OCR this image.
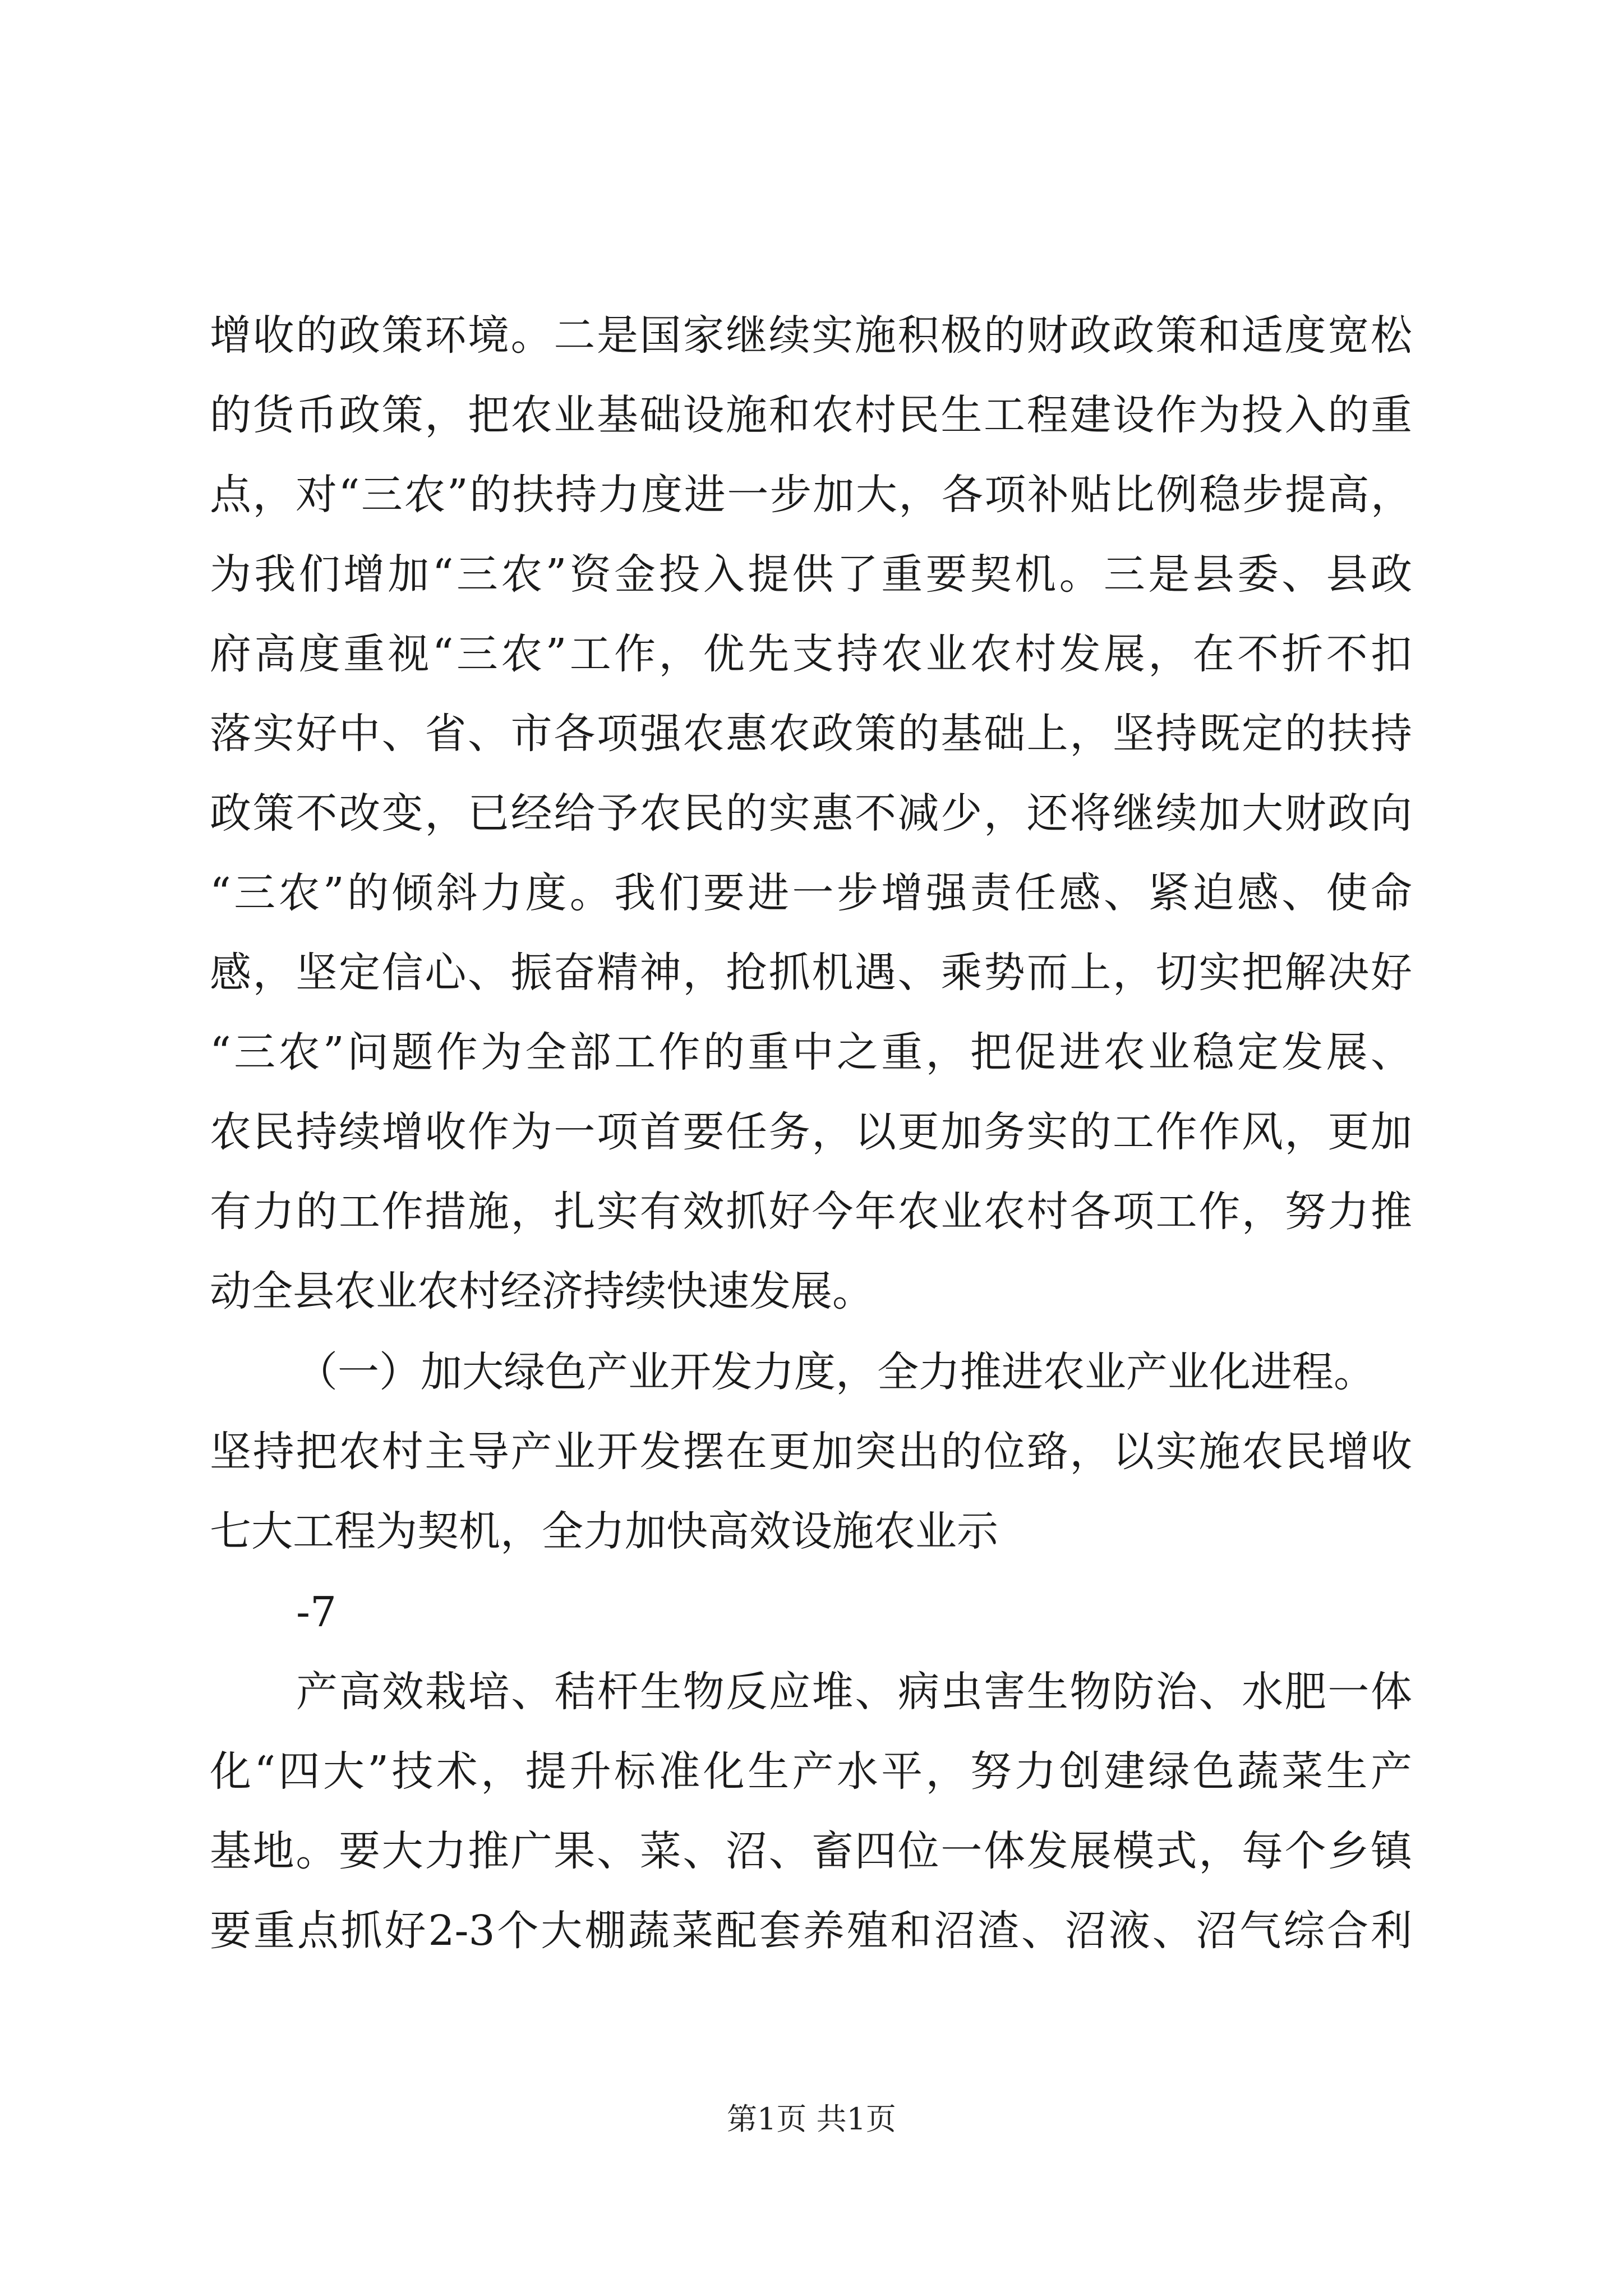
增收的政策环境。二是国家继续实施积极的财政政策和适度宽松
的货币政策，把农业基础设施和农村民生工程建设作为投入的重
点，对“三农”的扶持力度进一步加大，各项补贴比例稳步提高，
为我们增加“三农”资金投入提供了重要契机。三是县委、县政
府高度重视“三农”工作，优先支持农业农村发展，在不折不扣
落实好中、省、市各项强农惠农政策的基础上，坚持既定的扶持
政策不改变，已经给予农民的实惠不减少，还将继续加大财政向
“三农”的倾斜力度。我们要进一步增强责任感、紧迫感、使命
感，坚定信心、振奋精神，抢抓机遇、乘势而上，切实把解决好
“三农”问题作为全部工作的重中之重，把促进农业稳定发展、
农民持续增收作为一项首要任务，以更加务实的工作作风，更加
有力的工作措施，扎实有效抓好今年农业农村各项工作，努力推
动全县农业农村经济持续快速发展。
（一）加大绿色产业开发力度，全力推进农业产业化进程。
坚持把农村主导产业开发摆在更加突出的位臵，以实施农民增收
七大工程为契机，全力加快高效设施农业示
-7
产高效栽培、秸杆生物反应堆、病虫害生物防治、水肥一体
化“四大”技术，提升标准化生产水平，努力创建绿色蔬菜生产
基地。要大力推广果、菜、沼、畜四位一体发展模式，每个乡镇
要重点抓好2-3个大棚蔬菜配套养殖和沼渣、沼液、沼气综合利
第1页 共1页
